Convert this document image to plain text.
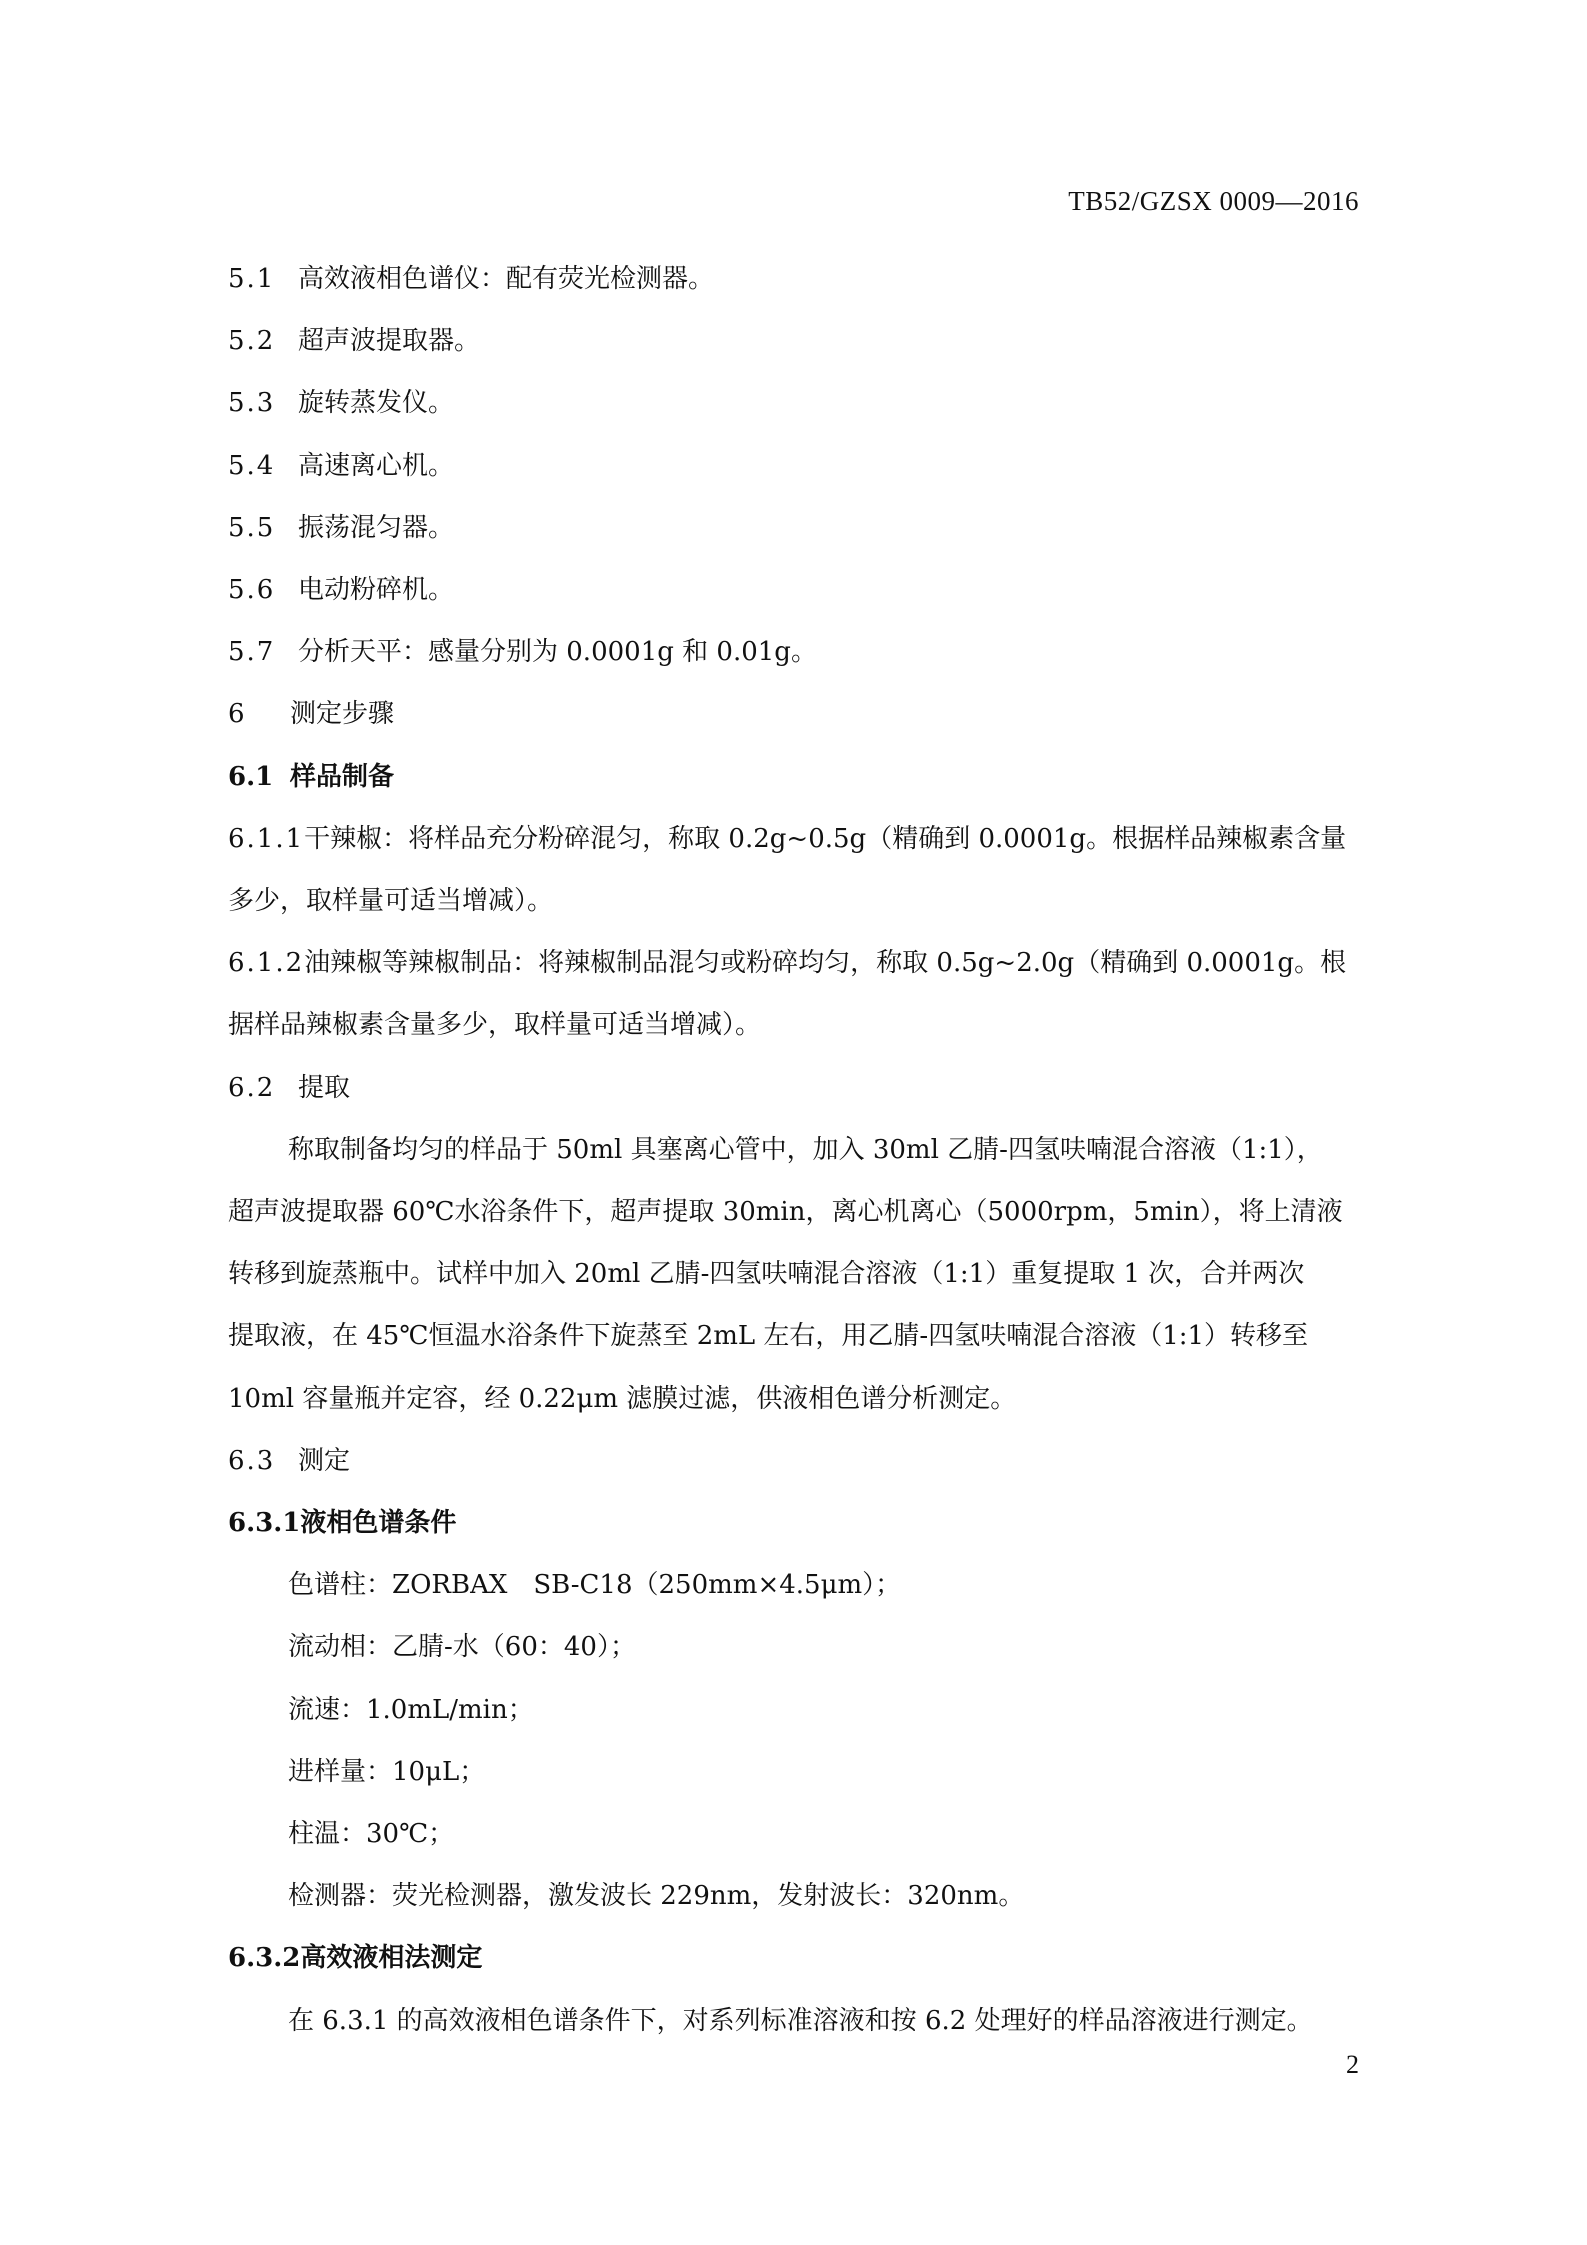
TB52/GZSX 0009—2016

5.1 高效液相色谱仪：配有荧光检测器。

5.2 超声波提取器。

5.3 旋转蒸发仪。

5.4 高速离心机。

5.5 振荡混匀器。

5.6 电动粉碎机。

5.7 分析天平：感量分别为 0.0001g 和 0.01g。

6 测定步骤

6.1 样品制备

6.1.1干辣椒：将样品充分粉碎混匀，称取 0.2g~0.5g（精确到 0.0001g。根据样品辣椒素含量

多少，取样量可适当增减）。

6.1.2油辣椒等辣椒制品：将辣椒制品混匀或粉碎均匀，称取 0.5g~2.0g（精确到 0.0001g。根

据样品辣椒素含量多少，取样量可适当增减）。

6.2 提取

称取制备均匀的样品于 50ml 具塞离心管中，加入 30ml 乙腈-四氢呋喃混合溶液（1:1），

超声波提取器 60℃水浴条件下，超声提取 30min，离心机离心（5000rpm，5min），将上清液

转移到旋蒸瓶中。试样中加入 20ml 乙腈-四氢呋喃混合溶液（1:1）重复提取 1 次，合并两次

提取液，在 45℃恒温水浴条件下旋蒸至 2mL 左右，用乙腈-四氢呋喃混合溶液（1:1）转移至

10ml 容量瓶并定容，经 0.22μm 滤膜过滤，供液相色谱分析测定。

6.3 测定

6.3.1液相色谱条件

色谱柱：ZORBAX　SB-C18（250mm×4.5μm）；

流动相：乙腈-水（60：40）；

流速：1.0mL/min；

进样量：10μL；

柱温：30℃；

检测器：荧光检测器，激发波长 229nm，发射波长：320nm。

6.3.2高效液相法测定

在 6.3.1 的高效液相色谱条件下，对系列标准溶液和按 6.2 处理好的样品溶液进行测定。

2
